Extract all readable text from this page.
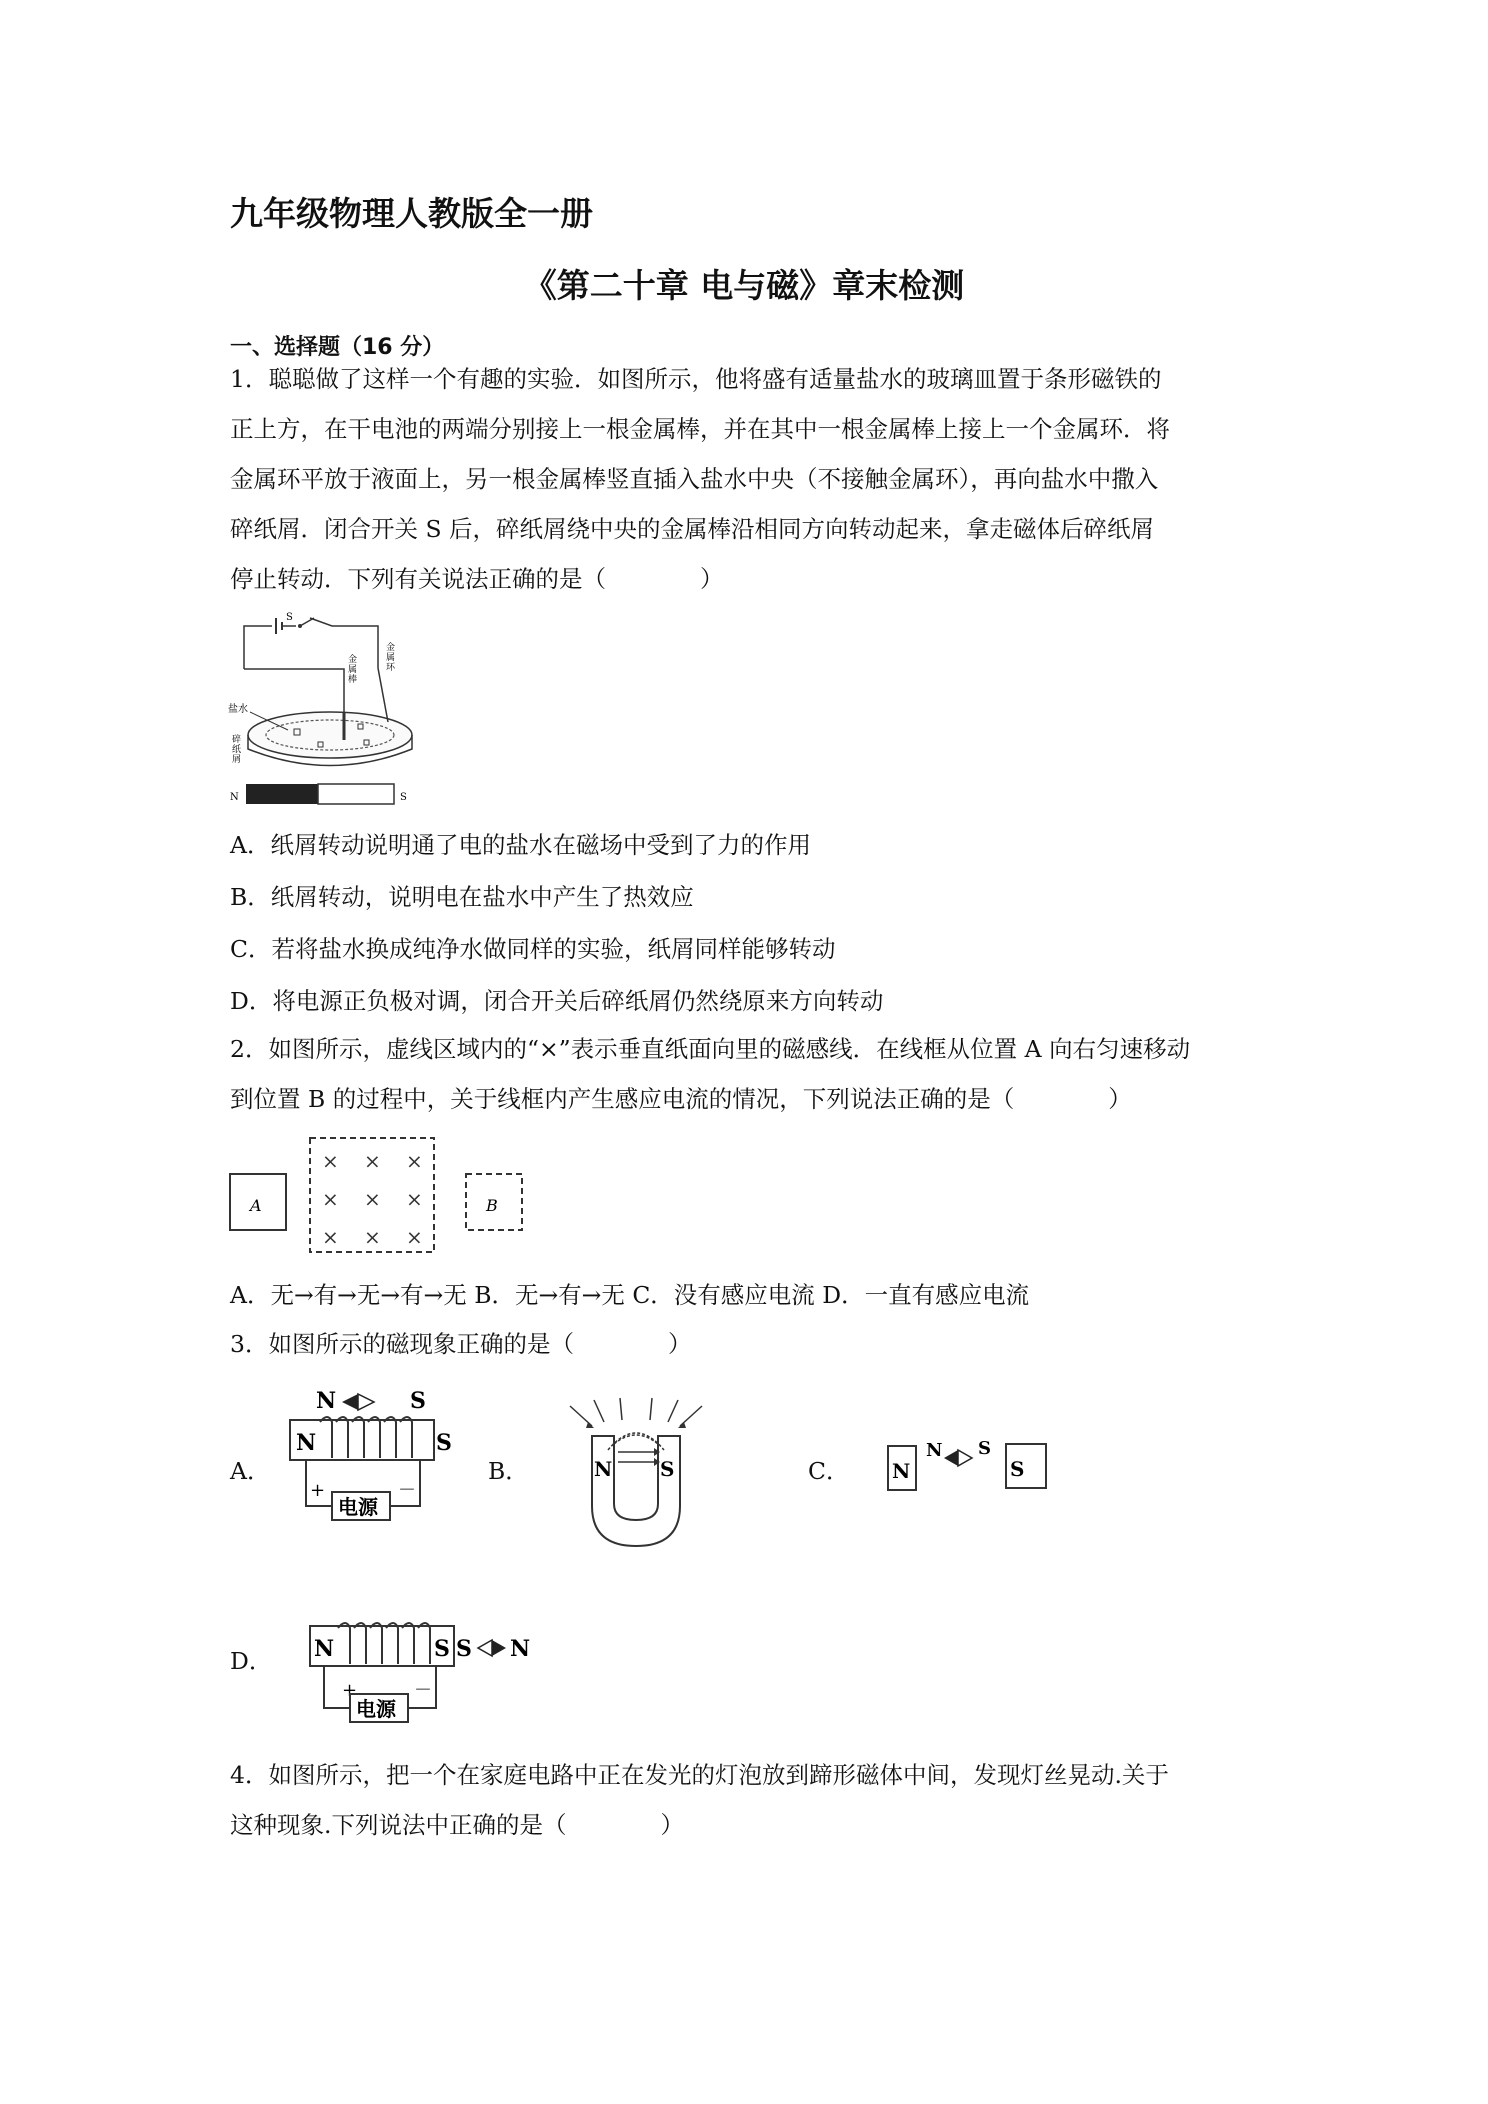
九年级物理人教版全一册
《第二十章 电与磁》章末检测
一、选择题（16 分）

1．聪聪做了这样一个有趣的实验．如图所示，他将盛有适量盐水的玻璃皿置于条形磁铁的

正上方，在干电池的两端分别接上一根金属棒，并在其中一根金属棒上接上一个金属环．将

金属环平放于液面上，另一根金属棒竖直插入盐水中央（不接触金属环），再向盐水中撒入

碎纸屑．闭合开关 S 后，碎纸屑绕中央的金属棒沿相同方向转动起来，拿走磁体后碎纸屑

停止转动．下列有关说法正确的是（　　　　）

S
金属棒
金属环
盐水
碎纸屑
N	S
A．纸屑转动说明通了电的盐水在磁场中受到了力的作用
B．纸屑转动，说明电在盐水中产生了热效应
C．若将盐水换成纯净水做同样的实验，纸屑同样能够转动
D．将电源正负极对调，闭合开关后碎纸屑仍然绕原来方向转动

2．如图所示，虚线区域内的“×”表示垂直纸面向里的磁感线．在线框从位置 A 向右匀速移动

到位置 B 的过程中，关于线框内产生感应电流的情况，下列说法正确的是（　　　　）

A
× × ×
× × ×
× × ×
B
A．无→有→无→有→无 B．无→有→无 C．没有感应电流 D．一直有感应电流
3．如图所示的磁现象正确的是（　　　　）
A．
N	S
N	S
+	－
电源
B．	N S	C． N
N S
S
D． N	S S N
+	－
电源

4．如图所示，把一个在家庭电路中正在发光的灯泡放到蹄形磁体中间，发现灯丝晃动.关于

这种现象.下列说法中正确的是（　　　　）
